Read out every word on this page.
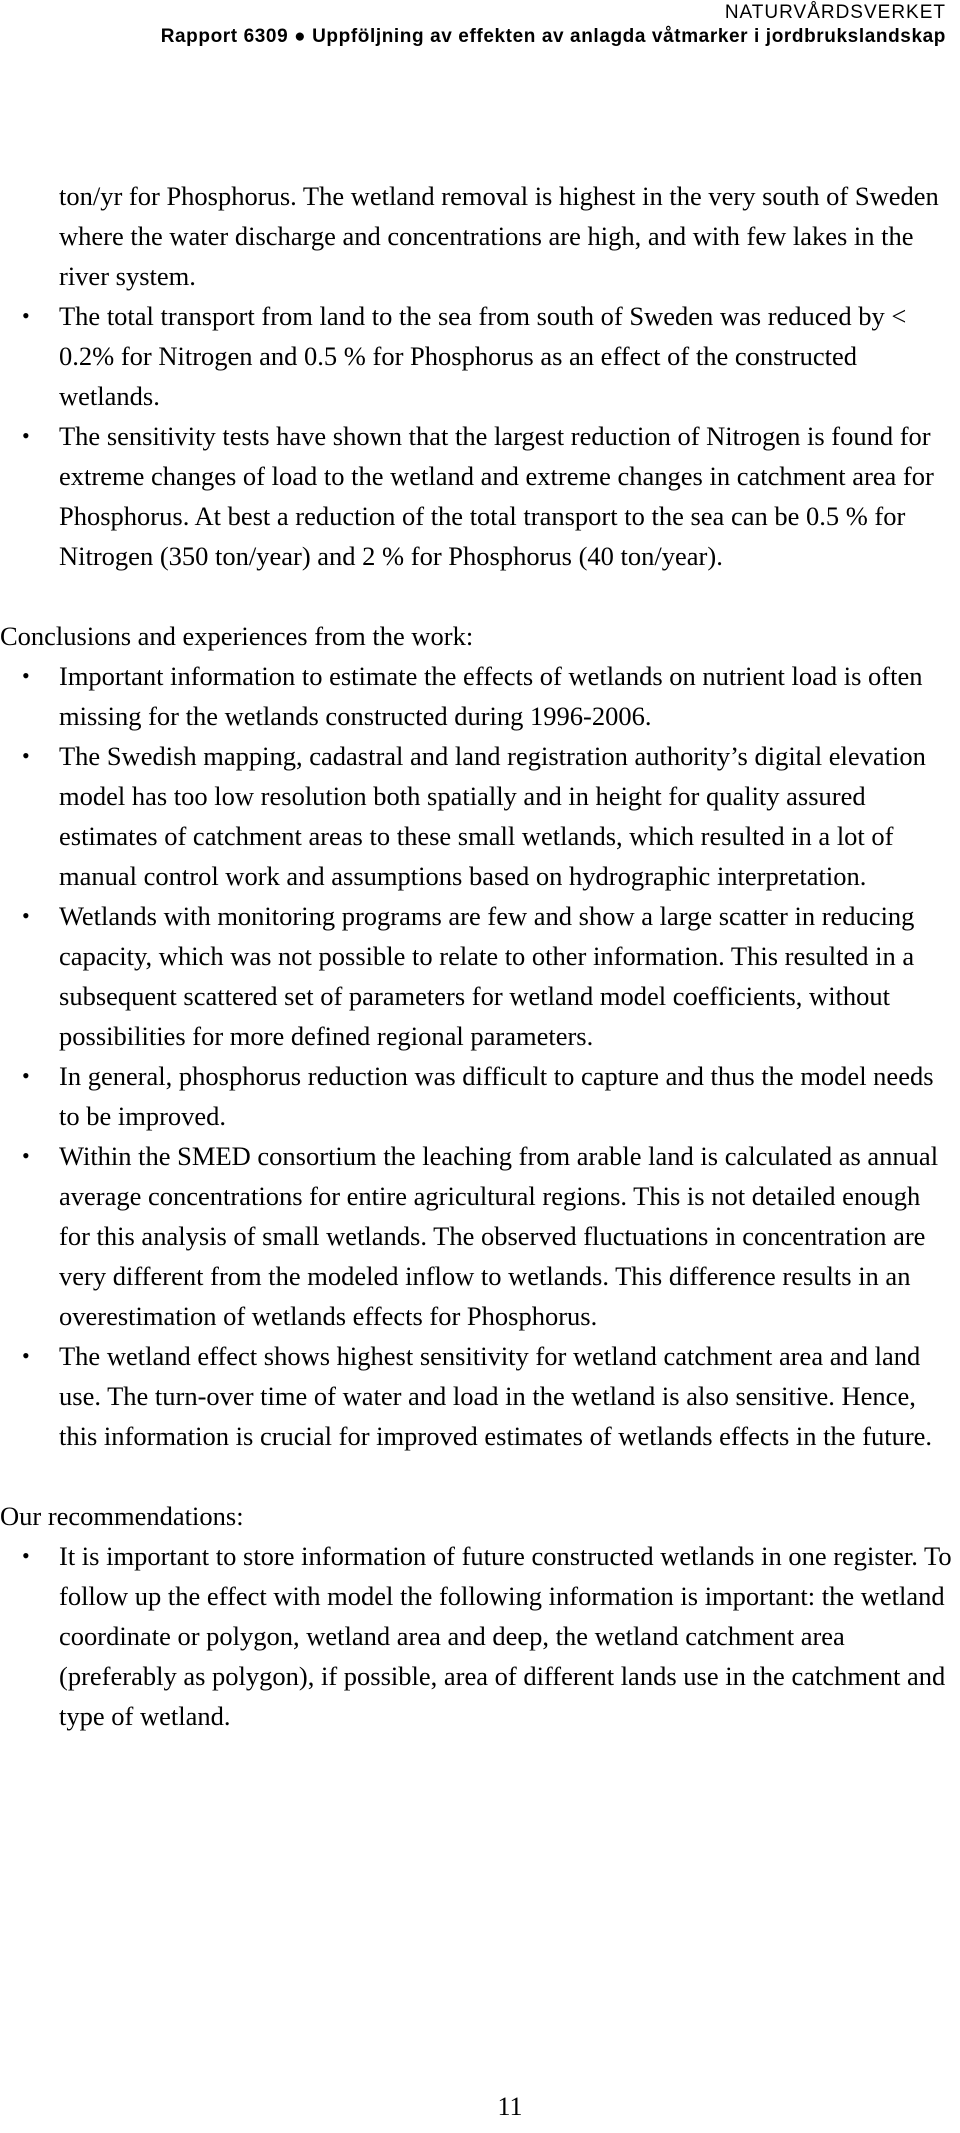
NATURVÅRDSVERKET
Rapport 6309 ● Uppföljning av effekten av anlagda våtmarker i jordbrukslandskap

ton/yr for Phosphorus. The wetland removal is highest in the very south of Sweden where the water discharge and concentrations are high, and with few lakes in the river system.

• The total transport from land to the sea from south of Sweden was reduced by < 0.2% for Nitrogen and 0.5 % for Phosphorus as an effect of the constructed wetlands.
• The sensitivity tests have shown that the largest reduction of Nitrogen is found for extreme changes of load to the wetland and extreme changes in catchment area for Phosphorus. At best a reduction of the total transport to the sea can be 0.5 % for Nitrogen (350 ton/year) and 2 % for Phosphorus (40 ton/year).

Conclusions and experiences from the work:

• Important information to estimate the effects of wetlands on nutrient load is often missing for the wetlands constructed during 1996-2006.
• The Swedish mapping, cadastral and land registration authority’s digital elevation model has too low resolution both spatially and in height for quality assured estimates of catchment areas to these small wetlands, which resulted in a lot of manual control work and assumptions based on hydrographic interpretation.
• Wetlands with monitoring programs are few and show a large scatter in reducing capacity, which was not possible to relate to other information. This resulted in a subsequent scattered set of parameters for wetland model coefficients, without possibilities for more defined regional parameters.
• In general, phosphorus reduction was difficult to capture and thus the model needs to be improved.
• Within the SMED consortium the leaching from arable land is calculated as annual average concentrations for entire agricultural regions. This is not detailed enough for this analysis of small wetlands. The observed fluctuations in concentration are very different from the modeled inflow to wetlands. This difference results in an overestimation of wetlands effects for Phosphorus.
• The wetland effect shows highest sensitivity for wetland catchment area and land use. The turn-over time of water and load in the wetland is also sensitive. Hence, this information is crucial for improved estimates of wetlands effects in the future.

Our recommendations:

• It is important to store information of future constructed wetlands in one register. To follow up the effect with model the following information is important: the wetland coordinate or polygon, wetland area and deep, the wetland catchment area (preferably as polygon), if possible, area of different lands use in the catchment and type of wetland.
11
